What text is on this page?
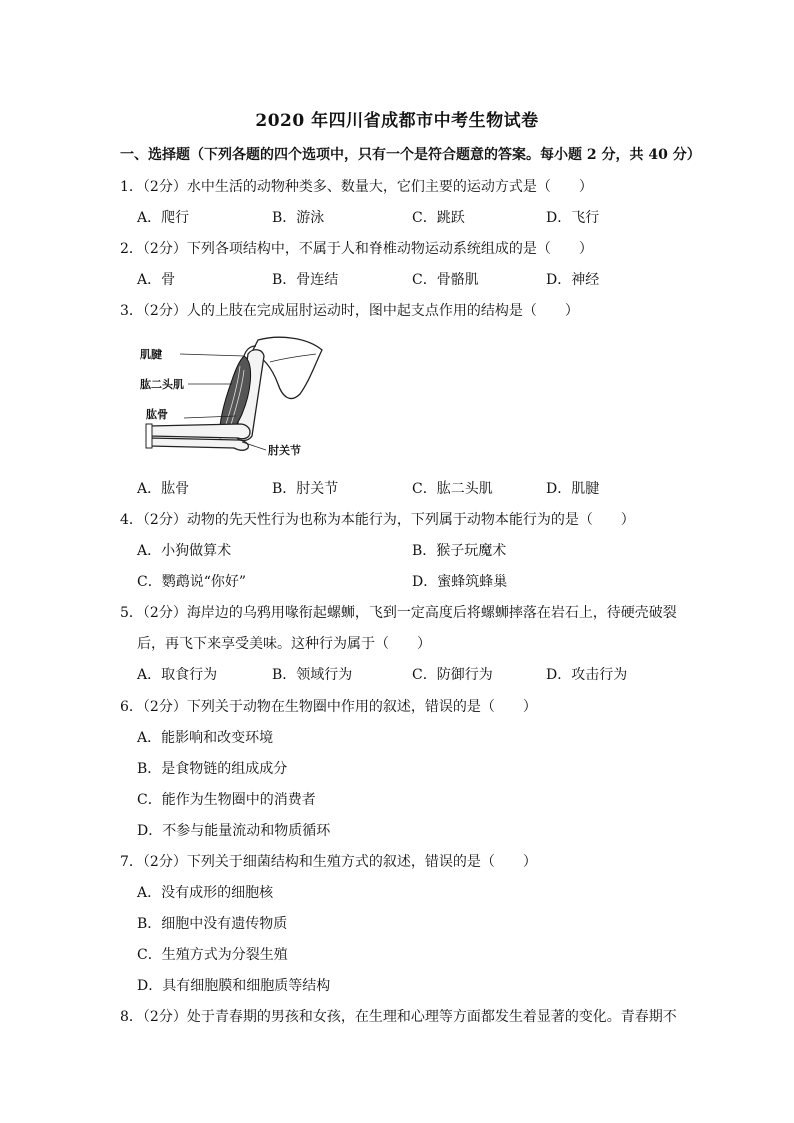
2020 年四川省成都市中考生物试卷
一、选择题（下列各题的四个选项中，只有一个是符合题意的答案。每小题 2 分，共 40 分）
1．（2分）水中生活的动物种类多、数量大，它们主要的运动方式是（　　）
A．爬行	B．游泳	C．跳跃	D．飞行
2．（2分）下列各项结构中，不属于人和脊椎动物运动系统组成的是（　　）
A．骨	B．骨连结	C．骨骼肌	D．神经
3．（2分）人的上肢在完成屈肘运动时，图中起支点作用的结构是（　　）
肌腱
肱二头肌
肱骨
肘关节
A．肱骨	B．肘关节	C．肱二头肌	D．肌腱
4．（2分）动物的先天性行为也称为本能行为，下列属于动物本能行为的是（　　）
A．小狗做算术	B．猴子玩魔术
C．鹦鹉说“你好”	D．蜜蜂筑蜂巢
5．（2分）海岸边的乌鸦用喙衔起螺蛳，飞到一定高度后将螺蛳摔落在岩石上，待硬壳破裂
后，再飞下来享受美味。这种行为属于（　　）
A．取食行为	B．领域行为	C．防御行为	D．攻击行为
6．（2分）下列关于动物在生物圈中作用的叙述，错误的是（　　）
A．能影响和改变环境
B．是食物链的组成成分
C．能作为生物圈中的消费者
D．不参与能量流动和物质循环
7．（2分）下列关于细菌结构和生殖方式的叙述，错误的是（　　）
A．没有成形的细胞核
B．细胞中没有遗传物质
C．生殖方式为分裂生殖
D．具有细胞膜和细胞质等结构
8．（2分）处于青春期的男孩和女孩，在生理和心理等方面都发生着显著的变化。青春期不
